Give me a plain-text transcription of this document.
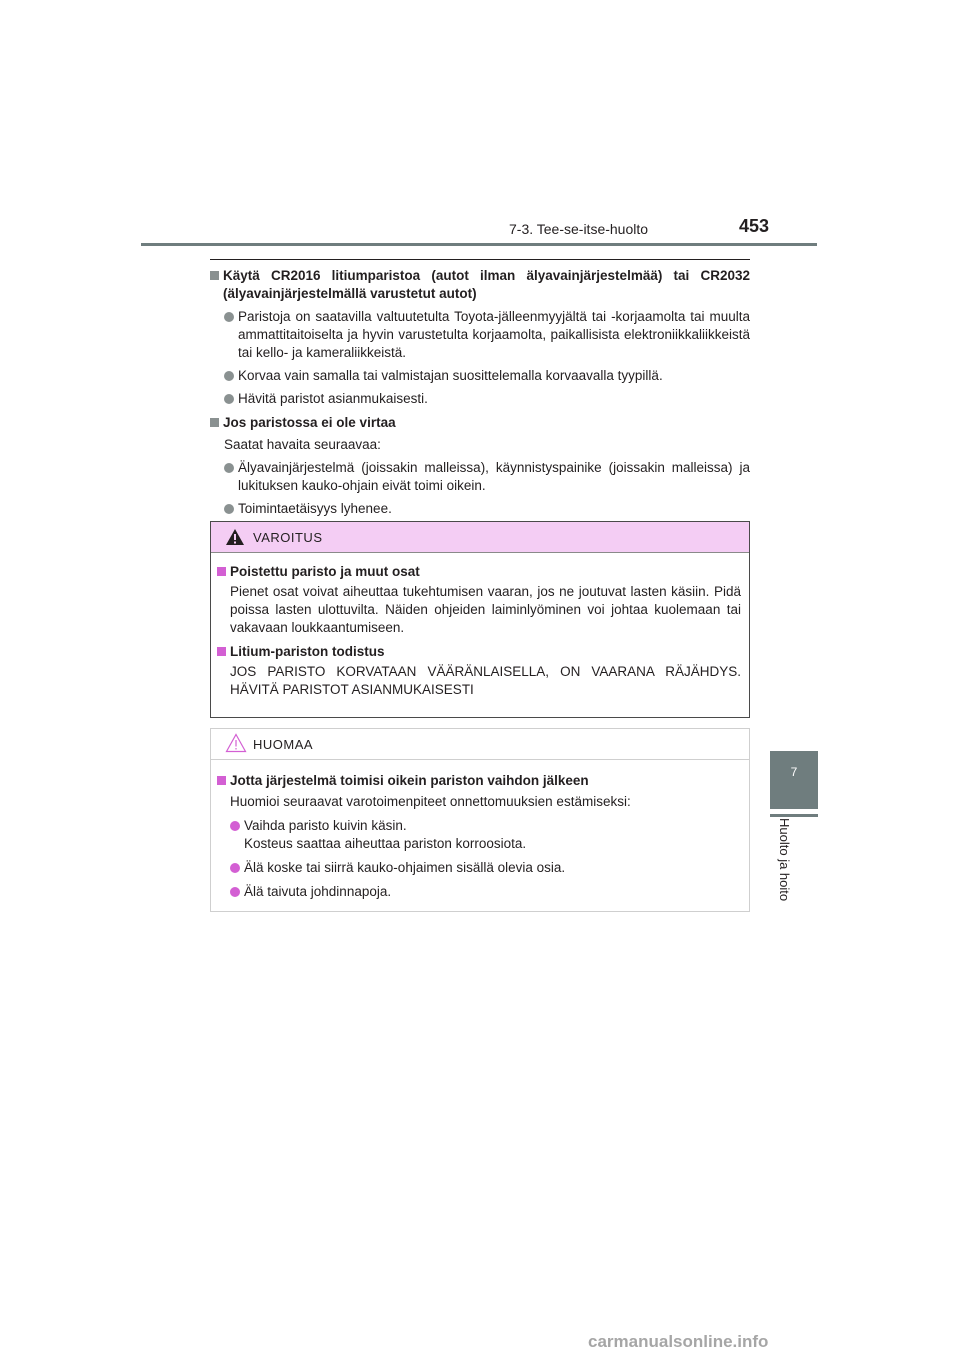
7-3. Tee-se-itse-huolto	453
7
Huolto ja hoito
Käytä CR2016 litiumparistoa (autot ilman älyavainjärjestelmää) tai CR2032 (älyavainjärjestelmällä varustetut autot)
Paristoja on saatavilla valtuutetulta Toyota-jälleenmyyjältä tai -korjaamolta tai muulta ammattitaitoiselta ja hyvin varustetulta korjaamolta, paikallisista elektroniikkaliikkeistä tai kello- ja kameraliikkeistä.
Korvaa vain samalla tai valmistajan suosittelemalla korvaavalla tyypillä.
Hävitä paristot asianmukaisesti.
Jos paristossa ei ole virtaa
Saatat havaita seuraavaa:
Älyavainjärjestelmä (joissakin malleissa), käynnistyspainike (joissakin malleissa) ja lukituksen kauko-ohjain eivät toimi oikein.
Toimintaetäisyys lyhenee.
VAROITUS
Poistettu paristo ja muut osat
Pienet osat voivat aiheuttaa tukehtumisen vaaran, jos ne joutuvat lasten käsiin. Pidä poissa lasten ulottuvilta. Näiden ohjeiden laiminlyöminen voi johtaa kuolemaan tai vakavaan loukkaantumiseen.
Litium-pariston todistus
JOS PARISTO KORVATAAN VÄÄRÄNLAISELLA, ON VAARANA RÄJÄHDYS. HÄVITÄ PARISTOT ASIANMUKAISESTI
HUOMAA
Jotta järjestelmä toimisi oikein pariston vaihdon jälkeen
Huomioi seuraavat varotoimenpiteet onnettomuuksien estämiseksi:
Vaihda paristo kuivin käsin.
Kosteus saattaa aiheuttaa pariston korroosiota.
Älä koske tai siirrä kauko-ohjaimen sisällä olevia osia.
Älä taivuta johdinnapoja.
carmanualsonline.info
